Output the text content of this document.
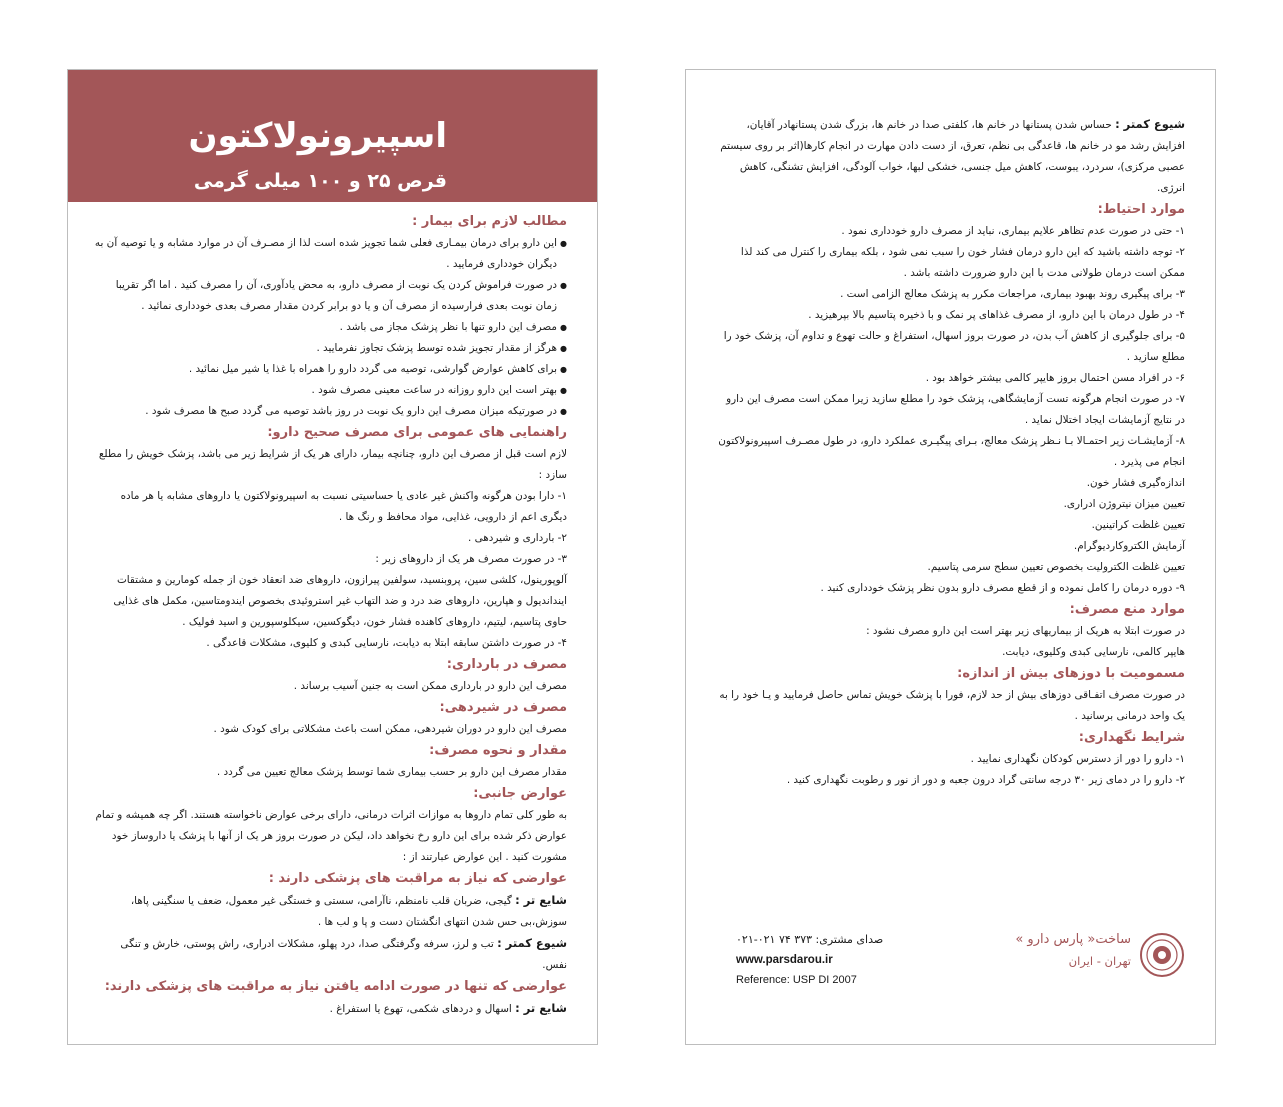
اسپیرونولاکتون
قرص ۲۵ و ۱۰۰ میلی گرمی

مطالب لازم برای بیمار :

● این دارو برای درمان بیمـاری فعلی شما تجویز شده است لذا از مصـرف آن در موارد مشابه و یا توصیه آن به دیگران خودداری فرمایید .
● در صورت فراموش کردن یک نوبت از مصرف دارو، به محض یادآوری، آن را مصرف کنید . اما اگر تقریبا زمان نوبت بعدی فرارسیده از مصرف آن و یا دو برابر کردن مقدار مصرف بعدی خودداری نمائید .
● مصرف این دارو تنها با نظر پزشک مجاز می باشد .
● هرگز از مقدار تجویز شده توسط پزشک تجاوز نفرمایید .
● برای کاهش عوارض گوارشی، توصیه می گردد دارو را همراه با غذا یا شیر میل نمائید .
● بهتر است این دارو روزانه در ساعت معینی مصرف شود .
● در صورتیکه میزان مصرف این دارو یک نوبت در روز باشد توصیه می گردد صبح ها مصرف شود .

راهنمایی های عمومی برای مصرف صحیح دارو:

لازم است قبل از مصرف این دارو، چنانچه بیمار، دارای هر یک از شرایط زیر می باشد، پزشک خویش را مطلع سازد :

۱- دارا بودن هرگونه واکنش غیر عادی یا حساسیتی نسبت به اسپیرونولاکتون یا داروهای مشابه یا هر ماده دیگری اعم از دارویی، غذایی، مواد محافظ و رنگ ها .

۲- بارداری و شیردهی .

۳- در صورت مصرف هر یک از داروهای زیر :

آلوپورینول، کلشی سین، پروبنسید، سولفین پیرازون، داروهای ضد انعقاد خون از جمله کومارین و مشتقات ایندانديول و هپارین، داروهای ضد درد و ضد التهاب غیر استروئیدی بخصوص ایندومتاسین، مکمل های غذایی حاوی پتاسیم، لیتیم، داروهای کاهنده فشار خون، دیگوکسین، سیکلوسپورین و اسید فولیک .

۴- در صورت داشتن سابقه ابتلا به دیابت، نارسایی کبدی و کلیوی، مشکلات قاعدگی .

مصرف در بارداری:

مصرف این دارو در بارداری ممکن است به جنین آسیب برساند .

مصرف در شیردهی:

مصرف این دارو در دوران شیردهی، ممکن است باعث مشکلاتی برای کودک شود .

مقدار و نحوه مصرف:

مقدار مصرف این دارو بر حسب بیماری شما توسط پزشک معالج تعیین می گردد .

عوارض جانبی:

به طور کلی تمام داروها به موازات اثرات درمانی، دارای برخی عوارض ناخواسته هستند. اگر چه همیشه و تمام عوارض ذکر شده برای این دارو رخ نخواهد داد، لیکن در صورت بروز هر یک از آنها با پزشک یا داروساز خود مشورت کنید . این عوارض عبارتند از :

عوارضی که نیاز به مراقبت های پزشکی دارند :

شایع تر : گیجی، ضربان قلب نامنظم، ناآرامی، سستی و خستگی غیر معمول، ضعف یا سنگینی پاها، سوزش،بی حس شدن انتهای انگشتان دست و پا و لب ها .

شیوع کمتر : تب و لرز، سرفه وگرفتگی صدا، درد پهلو، مشکلات ادراری، راش پوستی، خارش و تنگی نفس.

عوارضی که تنها در صورت ادامه یافتن نیاز به مراقبت های پزشکی دارند:

شایع تر : اسهال و دردهای شکمی، تهوع یا استفراغ .

شیوع کمتر : حساس شدن پستانها در خانم ها، کلفتی صدا در خانم ها، بزرگ شدن پستانهادر آقایان، افزایش رشد مو در خانم ها، قاعدگی بی نظم، تعرق، از دست دادن مهارت در انجام کارها(اثر بر روی سیستم عصبی مرکزی)، سردرد، یبوست، کاهش میل جنسی، خشکی لبها، خواب آلودگی، افزایش تشنگی، کاهش انرژی.

موارد احتیاط:

۱- حتی در صورت عدم تظاهر علایم بیماری، نباید از مصرف دارو خودداری نمود .

۲- توجه داشته باشید که این دارو درمان فشار خون را سبب نمی شود ، بلکه بیماری را کنترل می کند لذا ممکن است درمان طولانی مدت با این دارو ضرورت داشته باشد .

۳- برای پیگیری روند بهبود بیماری، مراجعات مکرر به پزشک معالج الزامی است .

۴- در طول درمان با این دارو، از مصرف غذاهای پر نمک و با ذخیره پتاسیم بالا بپرهیزید .

۵- برای جلوگیری از کاهش آب بدن، در صورت بروز اسهال، استفراغ و حالت تهوع و تداوم آن، پزشک خود را مطلع سازید .

۶- در افراد مسن احتمال بروز هایپر کالمی بیشتر خواهد بود .

۷- در صورت انجام هرگونه تست آزمایشگاهی، پزشک خود را مطلع سازید زیرا ممکن است مصرف این دارو در نتایج آزمایشات ایجاد اختلال نماید .

۸- آزمایشـات زیر احتمـالا بـا نـظر پزشک معالج، بـرای پیگیـری عملکرد دارو، در طول مصـرف اسپیرونولاکتون انجام می پذیرد .

اندازه‌گیری فشار خون.

تعیین میزان نیتروژن ادراری.

تعیین غلظت کراتینین.

آزمایش الکتروکاردیوگرام.

تعیین غلظت الکترولیت بخصوص تعیین سطح سرمی پتاسیم.

۹- دوره درمان را کامل نموده و از قطع مصرف دارو بدون نظر پزشک خودداری کنید .

موارد منع مصرف:

در صورت ابتلا به هریک از بیماریهای زیر بهتر است این دارو مصرف نشود :

هایپر کالمی، نارسایی کبدی وکلیوی، دیابت.

مسمومیت با دوزهای بیش از اندازه:

در صورت مصرف اتفـاقی دوزهای بیش از حد لازم، فورا با پزشک خویش تماس حاصل فرمایید و یـا خود را به یک واحد درمانی برسانید .

شرایط نگهداری:

۱- دارو را دور از دسترس کودکان نگهداری نمایید .

۲- دارو را در دمای زیر ۳۰ درجه سانتی گراد درون جعبه و دور از نور و رطوبت نگهداری کنید .

ساخت« پارس دارو »
تهران - ایران
صدای مشتری: ۳۷۳ ۷۴ ۰۲۱-۰۲۱
www.parsdarou.ir
Reference: USP DI 2007
